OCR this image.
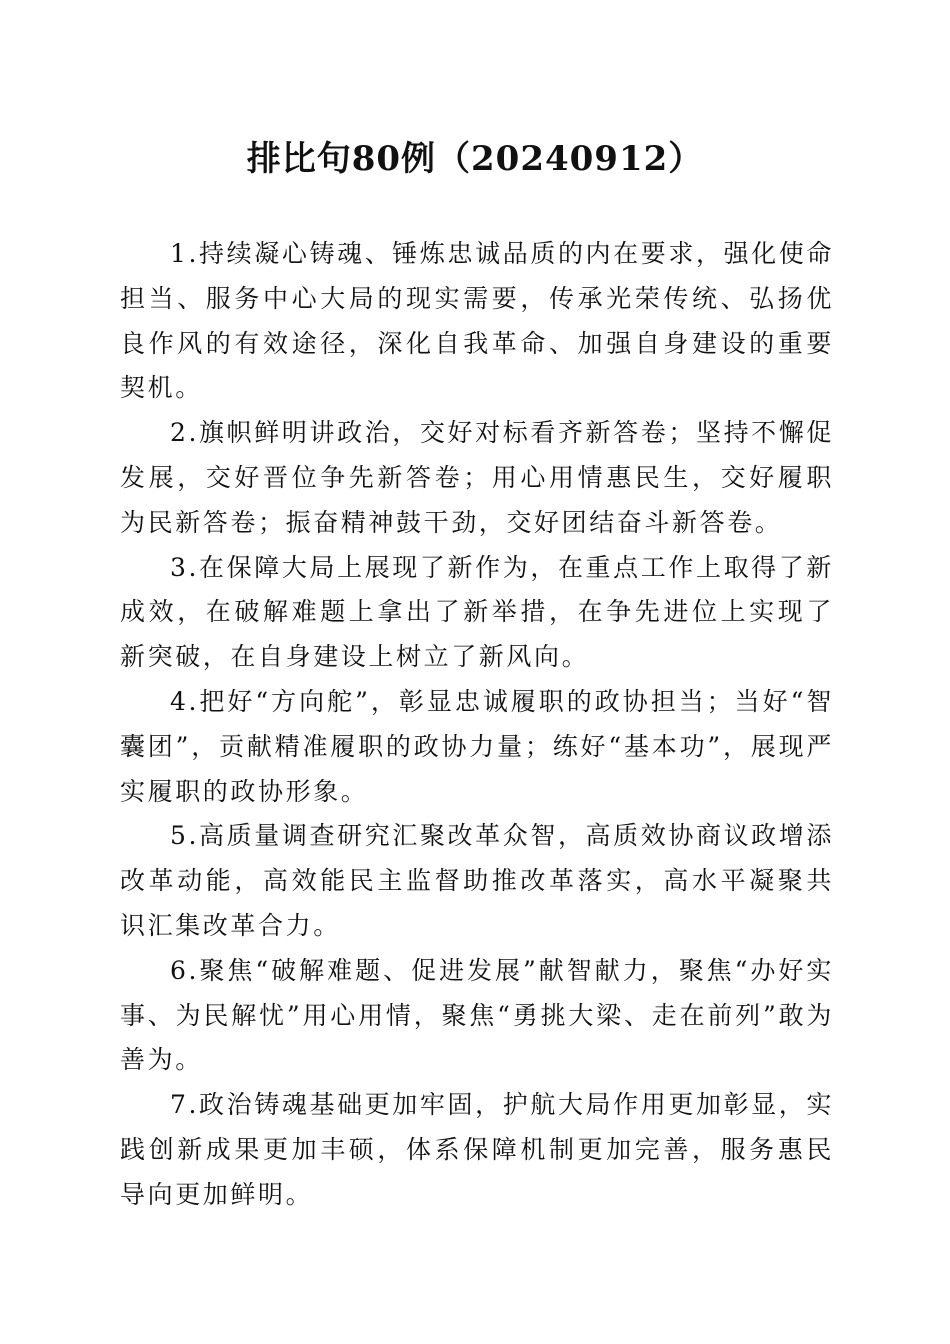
排比句80例（20240912）

1.持续凝心铸魂、锤炼忠诚品质的内在要求，强化使命担当、服务中心大局的现实需要，传承光荣传统、弘扬优良作风的有效途径，深化自我革命、加强自身建设的重要契机。

2.旗帜鲜明讲政治，交好对标看齐新答卷；坚持不懈促发展，交好晋位争先新答卷；用心用情惠民生，交好履职为民新答卷；振奋精神鼓干劲，交好团结奋斗新答卷。

3.在保障大局上展现了新作为，在重点工作上取得了新成效，在破解难题上拿出了新举措，在争先进位上实现了新突破，在自身建设上树立了新风向。

4.把好“方向舵”，彰显忠诚履职的政协担当；当好“智囊团”，贡献精准履职的政协力量；练好“基本功”，展现严实履职的政协形象。

5.高质量调查研究汇聚改革众智，高质效协商议政增添改革动能，高效能民主监督助推改革落实，高水平凝聚共识汇集改革合力。

6.聚焦“破解难题、促进发展”献智献力，聚焦“办好实事、为民解忧”用心用情，聚焦“勇挑大梁、走在前列”敢为善为。

7.政治铸魂基础更加牢固，护航大局作用更加彰显，实践创新成果更加丰硕，体系保障机制更加完善，服务惠民导向更加鲜明。
